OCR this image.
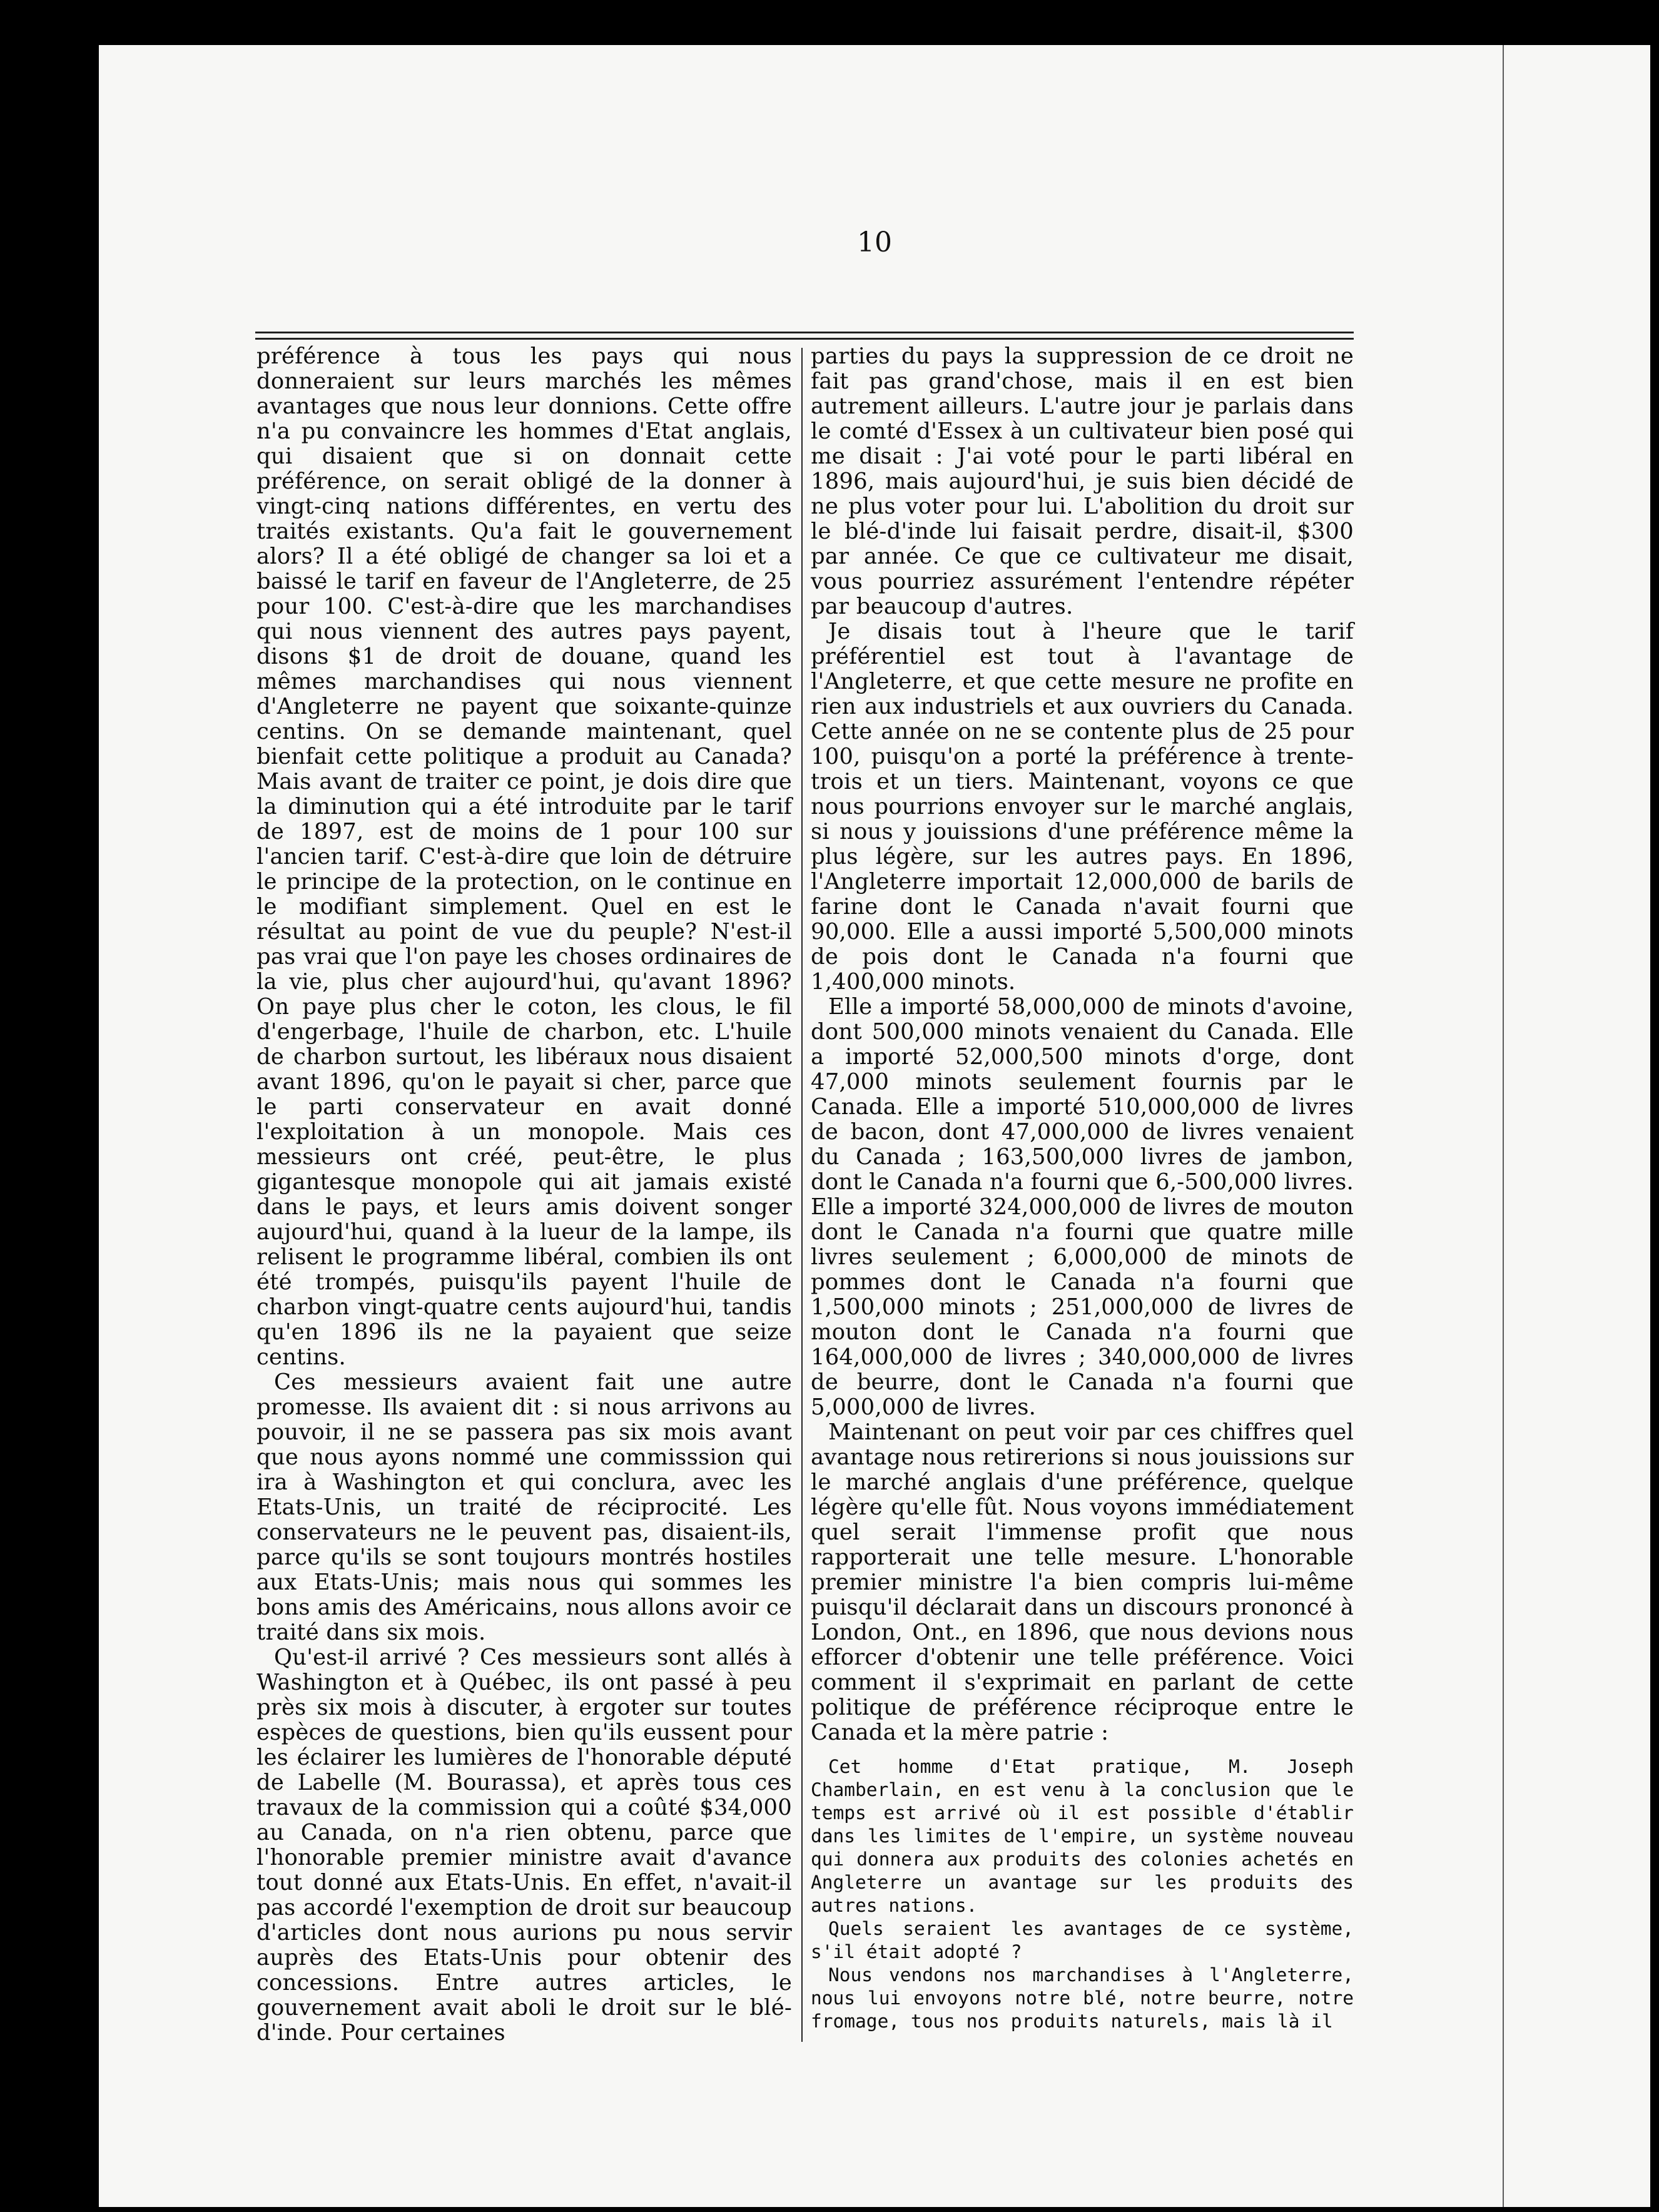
10

préférence à tous les pays qui nous donneraient sur leurs marchés les mêmes avantages que nous leur donnions. Cette offre n'a pu convaincre les hommes d'Etat anglais, qui disaient que si on donnait cette préférence, on serait obligé de la donner à vingt-cinq nations différentes, en vertu des traités existants. Qu'a fait le gouvernement alors? Il a été obligé de changer sa loi et a baissé le tarif en faveur de l'Angleterre, de 25 pour 100. C'est-à-dire que les marchandises qui nous viennent des autres pays payent, disons $1 de droit de douane, quand les mêmes marchandises qui nous viennent d'Angleterre ne payent que soixante-quinze centins. On se demande maintenant, quel bienfait cette politique a produit au Canada? Mais avant de traiter ce point, je dois dire que la diminution qui a été introduite par le tarif de 1897, est de moins de 1 pour 100 sur l'ancien tarif. C'est-à-dire que loin de détruire le principe de la protection, on le continue en le modifiant simplement. Quel en est le résultat au point de vue du peuple? N'est-il pas vrai que l'on paye les choses ordinaires de la vie, plus cher aujourd'hui, qu'avant 1896? On paye plus cher le coton, les clous, le fil d'engerbage, l'huile de charbon, etc. L'huile de charbon surtout, les libéraux nous disaient avant 1896, qu'on le payait si cher, parce que le parti conservateur en avait donné l'exploitation à un monopole. Mais ces messieurs ont créé, peut-être, le plus gigantesque monopole qui ait jamais existé dans le pays, et leurs amis doivent songer aujourd'hui, quand à la lueur de la lampe, ils relisent le programme libéral, combien ils ont été trompés, puisqu'ils payent l'huile de charbon vingt-quatre cents aujourd'hui, tandis qu'en 1896 ils ne la payaient que seize centins.

Ces messieurs avaient fait une autre promesse. Ils avaient dit : si nous arrivons au pouvoir, il ne se passera pas six mois avant que nous ayons nommé une commisssion qui ira à Washington et qui conclura, avec les Etats-Unis, un traité de réciprocité. Les conservateurs ne le peuvent pas, disaient-ils, parce qu'ils se sont toujours montrés hostiles aux Etats-Unis; mais nous qui sommes les bons amis des Américains, nous allons avoir ce traité dans six mois.

Qu'est-il arrivé ? Ces messieurs sont allés à Washington et à Québec, ils ont passé à peu près six mois à discuter, à ergoter sur toutes espèces de questions, bien qu'ils eussent pour les éclairer les lumières de l'honorable député de Labelle (M. Bourassa), et après tous ces travaux de la commission qui a coûté $34,000 au Canada, on n'a rien obtenu, parce que l'honorable premier ministre avait d'avance tout donné aux Etats-Unis. En effet, n'avait-il pas accordé l'exemption de droit sur beaucoup d'articles dont nous aurions pu nous servir auprès des Etats-Unis pour obtenir des concessions. Entre autres articles, le gouvernement avait aboli le droit sur le blé-d'inde. Pour certaines

parties du pays la suppression de ce droit ne fait pas grand'chose, mais il en est bien autrement ailleurs. L'autre jour je parlais dans le comté d'Essex à un cultivateur bien posé qui me disait : J'ai voté pour le parti libéral en 1896, mais aujourd'hui, je suis bien décidé de ne plus voter pour lui. L'abolition du droit sur le blé-d'inde lui faisait perdre, disait-il, $300 par année. Ce que ce cultivateur me disait, vous pourriez assurément l'entendre répéter par beaucoup d'autres.

Je disais tout à l'heure que le tarif préférentiel est tout à l'avantage de l'Angleterre, et que cette mesure ne profite en rien aux industriels et aux ouvriers du Canada. Cette année on ne se contente plus de 25 pour 100, puisqu'on a porté la préférence à trente-trois et un tiers. Maintenant, voyons ce que nous pourrions envoyer sur le marché anglais, si nous y jouissions d'une préférence même la plus légère, sur les autres pays. En 1896, l'Angleterre importait 12,000,000 de barils de farine dont le Canada n'avait fourni que 90,000. Elle a aussi importé 5,500,000 minots de pois dont le Canada n'a fourni que 1,400,000 minots.

Elle a importé 58,000,000 de minots d'avoine, dont 500,000 minots venaient du Canada. Elle a importé 52,000,500 minots d'orge, dont 47,000 minots seulement fournis par le Canada. Elle a importé 510,000,000 de livres de bacon, dont 47,000,000 de livres venaient du Canada ; 163,500,000 livres de jambon, dont le Canada n'a fourni que 6,-500,000 livres. Elle a importé 324,000,000 de livres de mouton dont le Canada n'a fourni que quatre mille livres seulement ; 6,000,000 de minots de pommes dont le Canada n'a fourni que 1,500,000 minots ; 251,000,000 de livres de mouton dont le Canada n'a fourni que 164,000,000 de livres ; 340,000,000 de livres de beurre, dont le Canada n'a fourni que 5,000,000 de livres.

Maintenant on peut voir par ces chiffres quel avantage nous retirerions si nous jouissions sur le marché anglais d'une préférence, quelque légère qu'elle fût. Nous voyons immédiatement quel serait l'immense profit que nous rapporterait une telle mesure. L'honorable premier ministre l'a bien compris lui-même puisqu'il déclarait dans un discours prononcé à London, Ont., en 1896, que nous devions nous efforcer d'obtenir une telle préférence. Voici comment il s'exprimait en parlant de cette politique de préférence réciproque entre le Canada et la mère patrie :

Cet homme d'Etat pratique, M. Joseph Chamberlain, en est venu à la conclusion que le temps est arrivé où il est possible d'établir dans les limites de l'empire, un système nouveau qui donnera aux produits des colonies achetés en Angleterre un avantage sur les produits des autres nations.

Quels seraient les avantages de ce système, s'il était adopté ?

Nous vendons nos marchandises à l'Angleterre, nous lui envoyons notre blé, notre beurre, notre fromage, tous nos produits naturels, mais là il
